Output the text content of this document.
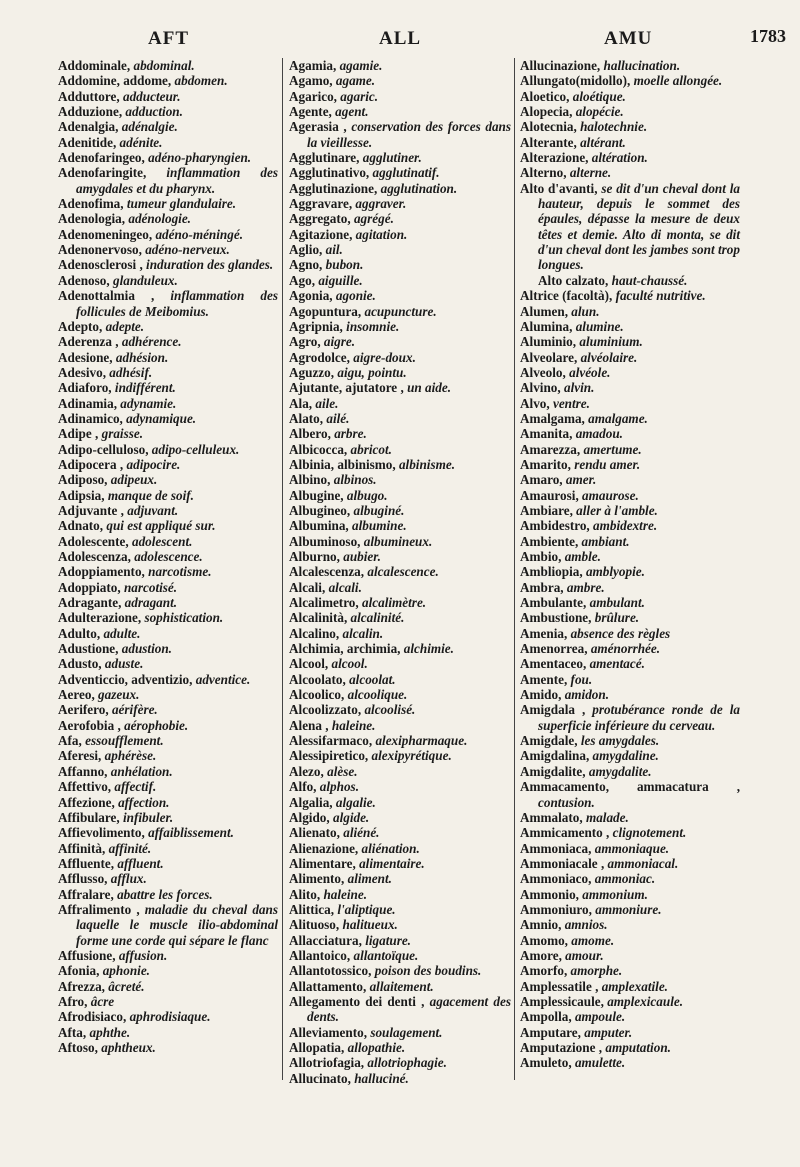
AFT	ALL	AMU	1783
Addominale, abdominal.
Addomine, addome, abdomen.
Adduttore, adducteur.
Adduzione, adduction.
Adenalgia, adénalgie.
Adenitide, adénite.
Adenofaringeo, adéno-pharyngien.
Adenofaringite, inflammation des amygdales et du pharynx.
Adenofima, tumeur glandulaire.
Adenologia, adénologie.
Adenomeningeo, adéno-méningé.
Adenonervoso, adéno-nerveux.
Adenosclerosi , induration des glandes.
Adenoso, glanduleux.
Adenottalmia , inflammation des follicules de Meibomius.
Adepto, adepte.
Aderenza , adhérence.
Adesione, adhésion.
Adesivo, adhésif.
Adiaforo, indifférent.
Adinamia, adynamie.
Adinamico, adynamique.
Adipe , graisse.
Adipo-celluloso, adipo-celluleux.
Adipocera , adipocire.
Adiposo, adipeux.
Adipsia, manque de soif.
Adjuvante , adjuvant.
Adnato, qui est appliqué sur.
Adolescente, adolescent.
Adolescenza, adolescence.
Adoppiamento, narcotisme.
Adoppiato, narcotisé.
Adragante, adragant.
Adulterazione, sophistication.
Adulto, adulte.
Adustione, adustion.
Adusto, aduste.
Adventiccio, adventizio, adventice.
Aereo, gazeux.
Aerifero, aérifère.
Aerofobia , aérophobie.
Afa, essoufflement.
Aferesi, aphérèse.
Affanno, anhélation.
Affettivo, affectif.
Affezione, affection.
Affibulare, infibuler.
Affievolimento, affaiblissement.
Affinità, affinité.
Affluente, affluent.
Afflusso, afflux.
Affralare, abattre les forces.
Affralimento , maladie du cheval dans laquelle le muscle ilio-abdominal forme une corde qui sépare le flanc
Affusione, affusion.
Afonia, aphonie.
Afrezza, âcreté.
Afro, âcre
Afrodisiaco, aphrodisiaque.
Afta, aphthe.
Aftoso, aphtheux.
Agamia, agamie.
Agamo, agame.
Agarico, agaric.
Agente, agent.
Agerasia , conservation des forces dans la vieillesse.
Agglutinare, agglutiner.
Agglutinativo, agglutinatif.
Agglutinazione, agglutination.
Aggravare, aggraver.
Aggregato, agrégé.
Agitazione, agitation.
Aglio, ail.
Agno, bubon.
Ago, aiguille.
Agonia, agonie.
Agopuntura, acupuncture.
Agripnia, insomnie.
Agro, aigre.
Agrodolce, aigre-doux.
Aguzzo, aigu, pointu.
Ajutante, ajutatore , un aide.
Ala, aile.
Alato, ailé.
Albero, arbre.
Albicocca, abricot.
Albinia, albinismo, albinisme.
Albino, albinos.
Albugine, albugo.
Albugineo, albuginé.
Albumina, albumine.
Albuminoso, albumineux.
Alburno, aubier.
Alcalescenza, alcalescence.
Alcali, alcali.
Alcalimetro, alcalimètre.
Alcalinità, alcalinité.
Alcalino, alcalin.
Alchimia, archimia, alchimie.
Alcool, alcool.
Alcoolato, alcoolat.
Alcoolico, alcoolique.
Alcoolizzato, alcoolisé.
Alena , haleine.
Alessifarmaco, alexipharmaque.
Alessipiretico, alexipyrétique.
Alezo, alèse.
Alfo, alphos.
Algalia, algalie.
Algido, algide.
Alienato, aliéné.
Alienazione, aliénation.
Alimentare, alimentaire.
Alimento, aliment.
Alito, haleine.
Alittica, l'aliptique.
Alituoso, halitueux.
Allacciatura, ligature.
Allantoico, allantoïque.
Allantotossico, poison des boudins.
Allattamento, allaitement.
Allegamento dei denti , agacement des dents.
Alleviamento, soulagement.
Allopatia, allopathie.
Allotriofagia, allotriophagie.
Allucinato, halluciné.
Allucinazione, hallucination.
Allungato(midollo), moelle allongée.
Aloetico, aloétique.
Alopecia, alopécie.
Alotecnia, halotechnie.
Alterante, altérant.
Alterazione, altération.
Alterno, alterne.
Alto d'avanti, se dit d'un cheval dont la hauteur, depuis le sommet des épaules, dépasse la mesure de deux têtes et demie. Alto di monta, se dit d'un cheval dont les jambes sont trop longues.
Alto calzato, haut-chaussé.
Altrice (facoltà), faculté nutritive.
Alumen, alun.
Alumina, alumine.
Aluminio, aluminium.
Alveolare, alvéolaire.
Alveolo, alvéole.
Alvino, alvin.
Alvo, ventre.
Amalgama, amalgame.
Amanita, amadou.
Amarezza, amertume.
Amarito, rendu amer.
Amaro, amer.
Amaurosi, amaurose.
Ambiare, aller à l'amble.
Ambidestro, ambidextre.
Ambiente, ambiant.
Ambio, amble.
Ambliopia, amblyopie.
Ambra, ambre.
Ambulante, ambulant.
Ambustione, brûlure.
Amenia, absence des règles
Amenorrea, aménorrhée.
Amentaceo, amentacé.
Amente, fou.
Amido, amidon.
Amigdala , protubérance ronde de la superficie inférieure du cerveau.
Amigdale, les amygdales.
Amigdalina, amygdaline.
Amigdalite, amygdalite.
Ammacamento, ammacatura , contusion.
Ammalato, malade.
Ammicamento , clignotement.
Ammoniaca, ammoniaque.
Ammoniacale , ammoniacal.
Ammoniaco, ammoniac.
Ammonio, ammonium.
Ammoniuro, ammoniure.
Amnio, amnios.
Amomo, amome.
Amore, amour.
Amorfo, amorphe.
Amplessatile , amplexatile.
Amplessicaule, amplexicaule.
Ampolla, ampoule.
Amputare, amputer.
Amputazione , amputation.
Amuleto, amulette.
